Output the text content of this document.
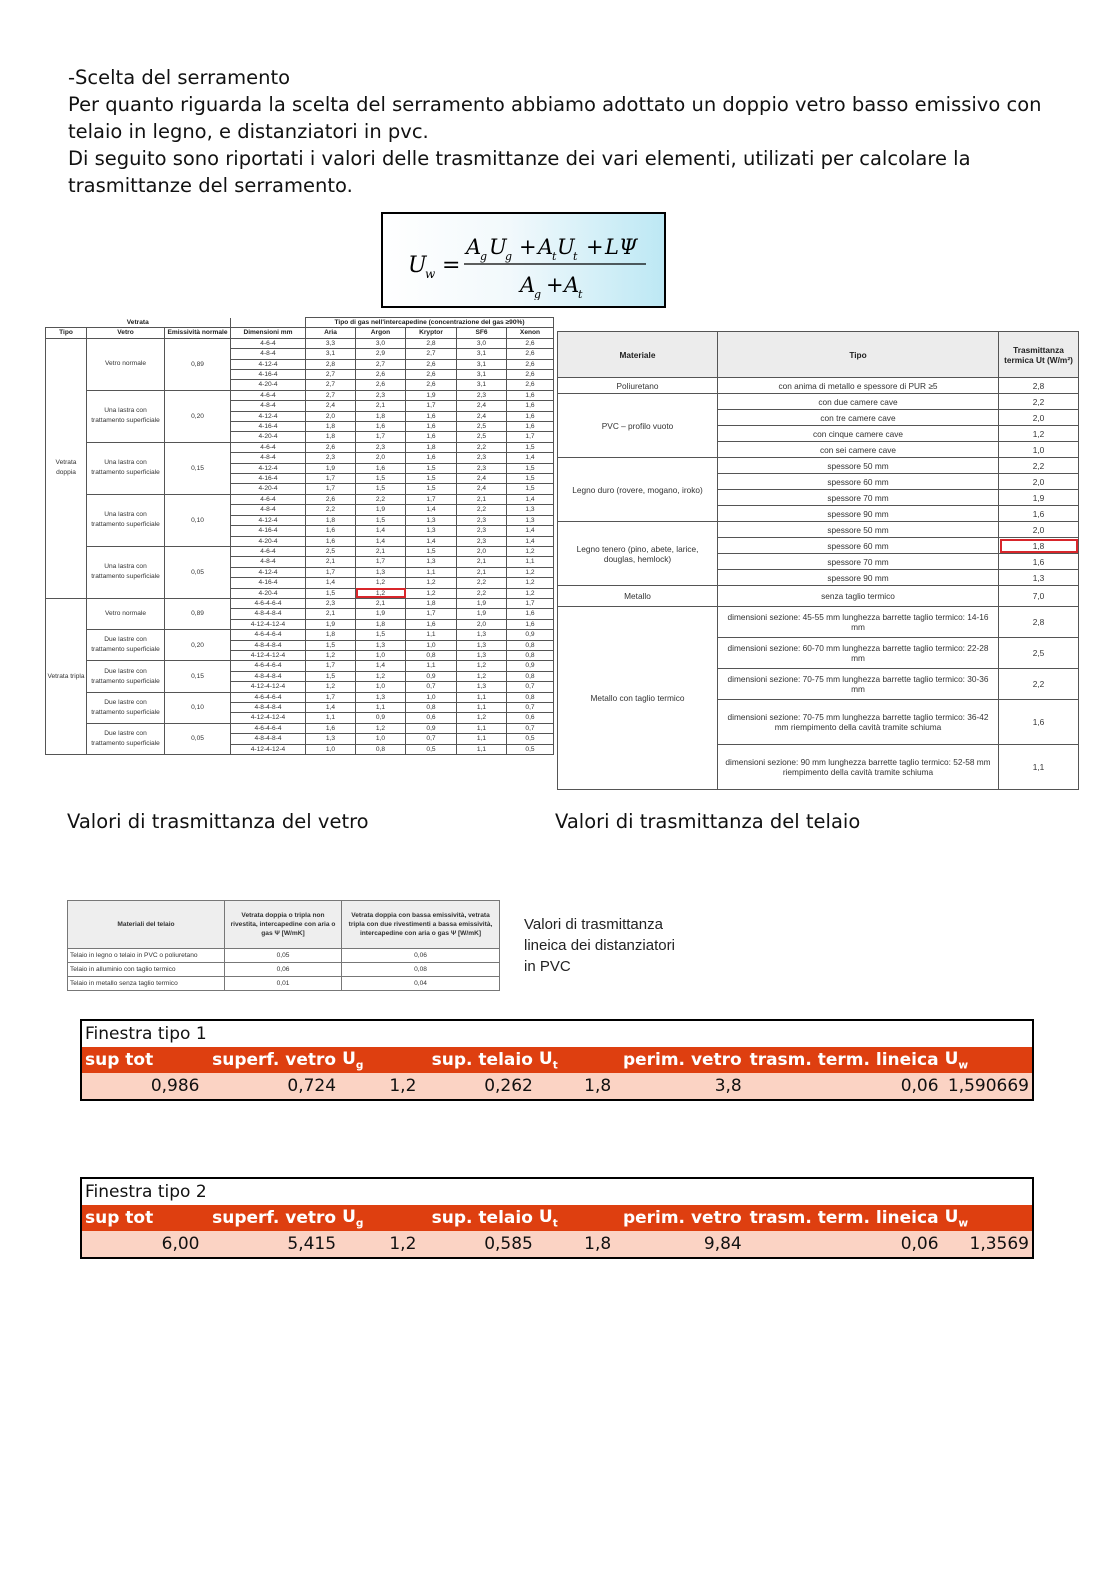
-Scelta del serramento

Per quanto riguarda la scelta del serramento abbiamo adottato un doppio vetro basso emissivo con telaio in legno, e distanziatori in pvc.

Di seguito sono riportati i valori delle trasmittanze dei vari elementi, utilizati per calcolare la trasmittanze del serramento.

U
w =
A
g U
g + A
t U
t + LΨ
A
g + A
t
Vetrata				Tipo di gas nell'intercapedine (concentrazione del gas ≥90%)				
Tipo	Vetro	Emissività normale	Dimensioni mm	Aria	Argon	Kryptor	SF6	Xenon
Vetrata doppia	Vetro normale	0,89	4-6-4	3,3	3,0	2,8	3,0	2,6
			4-8-4	3,1	2,9	2,7	3,1	2,6
			4-12-4	2,8	2,7	2,6	3,1	2,6
			4-16-4	2,7	2,6	2,6	3,1	2,6
			4-20-4	2,7	2,6	2,6	3,1	2,6
	Una lastra con trattamento superficiale	0,20	4-6-4	2,7	2,3	1,9	2,3	1,6
			4-8-4	2,4	2,1	1,7	2,4	1,6
			4-12-4	2,0	1,8	1,6	2,4	1,6
			4-16-4	1,8	1,6	1,6	2,5	1,6
			4-20-4	1,8	1,7	1,6	2,5	1,7
	Una lastra con trattamento superficiale	0,15	4-6-4	2,6	2,3	1,8	2,2	1,5
			4-8-4	2,3	2,0	1,6	2,3	1,4
			4-12-4	1,9	1,6	1,5	2,3	1,5
			4-16-4	1,7	1,5	1,5	2,4	1,5
			4-20-4	1,7	1,5	1,5	2,4	1,5
	Una lastra con trattamento superficiale	0,10	4-6-4	2,6	2,2	1,7	2,1	1,4
			4-8-4	2,2	1,9	1,4	2,2	1,3
			4-12-4	1,8	1,5	1,3	2,3	1,3
			4-16-4	1,6	1,4	1,3	2,3	1,4
			4-20-4	1,6	1,4	1,4	2,3	1,4
	Una lastra con trattamento superficiale	0,05	4-6-4	2,5	2,1	1,5	2,0	1,2
			4-8-4	2,1	1,7	1,3	2,1	1,1
			4-12-4	1,7	1,3	1,1	2,1	1,2
			4-16-4	1,4	1,2	1,2	2,2	1,2
			4-20-4	1,5	1,2	1,2	2,2	1,2
Vetrata tripla	Vetro normale	0,89	4-6-4-6-4	2,3	2,1	1,8	1,9	1,7
			4-8-4-8-4	2,1	1,9	1,7	1,9	1,6
			4-12-4-12-4	1,9	1,8	1,6	2,0	1,6
	Due lastre con trattamento superficiale	0,20	4-6-4-6-4	1,8	1,5	1,1	1,3	0,9
			4-8-4-8-4	1,5	1,3	1,0	1,3	0,8
			4-12-4-12-4	1,2	1,0	0,8	1,3	0,8
	Due lastre con trattamento superficiale	0,15	4-6-4-6-4	1,7	1,4	1,1	1,2	0,9
			4-8-4-8-4	1,5	1,2	0,9	1,2	0,8
			4-12-4-12-4	1,2	1,0	0,7	1,3	0,7
	Due lastre con trattamento superficiale	0,10	4-6-4-6-4	1,7	1,3	1,0	1,1	0,8
			4-8-4-8-4	1,4	1,1	0,8	1,1	0,7
			4-12-4-12-4	1,1	0,9	0,6	1,2	0,6
	Due lastre con trattamento superficiale	0,05	4-6-4-6-4	1,6	1,2	0,9	1,1	0,7
			4-8-4-8-4	1,3	1,0	0,7	1,1	0,5
			4-12-4-12-4	1,0	0,8	0,5	1,1	0,5
Materiale	Tipo	Trasmittanza termica Ut (W/m²)
Poliuretano	con anima di metallo e spessore di PUR ≥5	2,8
PVC – profilo vuoto	con due camere cave	2,2
	con tre camere cave	2,0
	con cinque camere cave	1,2
	con sei camere cave	1,0
Legno duro (rovere, mogano, iroko)	spessore 50 mm	2,2
	spessore 60 mm	2,0
	spessore 70 mm	1,9
	spessore 90 mm	1,6
Legno tenero (pino, abete, larice, douglas, hemlock)	spessore 50 mm	2,0
	spessore 60 mm	1,8
	spessore 70 mm	1,6
	spessore 90 mm	1,3
Metallo	senza taglio termico	7,0
Metallo con taglio termico	dimensioni sezione: 45-55 mm lunghezza barrette taglio termico: 14-16 mm	2,8
	dimensioni sezione: 60-70 mm lunghezza barrette taglio termico: 22-28 mm	2,5
	dimensioni sezione: 70-75 mm lunghezza barrette taglio termico: 30-36 mm	2,2
	dimensioni sezione: 70-75 mm lunghezza barrette taglio termico: 36-42 mm riempimento della cavità tramite schiuma	1,6
	dimensioni sezione: 90 mm lunghezza barrette taglio termico: 52-58 mm riempimento della cavità tramite schiuma	1,1
Valori di trasmittanza del vetro	Valori di trasmittanza del telaio
Materiali del telaio	Vetrata doppia o tripla non rivestita, intercapedine con aria o gas Ψ [W/mK]	Vetrata doppia con bassa emissività, vetrata tripla con due rivestimenti a bassa emissività, intercapedine con aria o gas Ψ [W/mK]
Telaio in legno o telaio in PVC o poliuretano	0,05	0,06
Telaio in alluminio con taglio termico	0,06	0,08
Telaio in metallo senza taglio termico	0,01	0,04
Valori di trasmittanza
lineica dei distanziatori
in PVC
Finestra tipo 1							
sup tot	superf. vetro	$U_g$	sup. telaio	$U_t$	perim. vetro	trasm. term. lineica	$U_w$
0,986	0,724	1,2	0,262	1,8	3,8	0,06	1,590669
Finestra tipo 2							
sup tot	superf. vetro	$U_g$	sup. telaio	$U_t$	perim. vetro	trasm. term. lineica	$U_w$
6,00	5,415	1,2	0,585	1,8	9,84	0,06	1,3569
